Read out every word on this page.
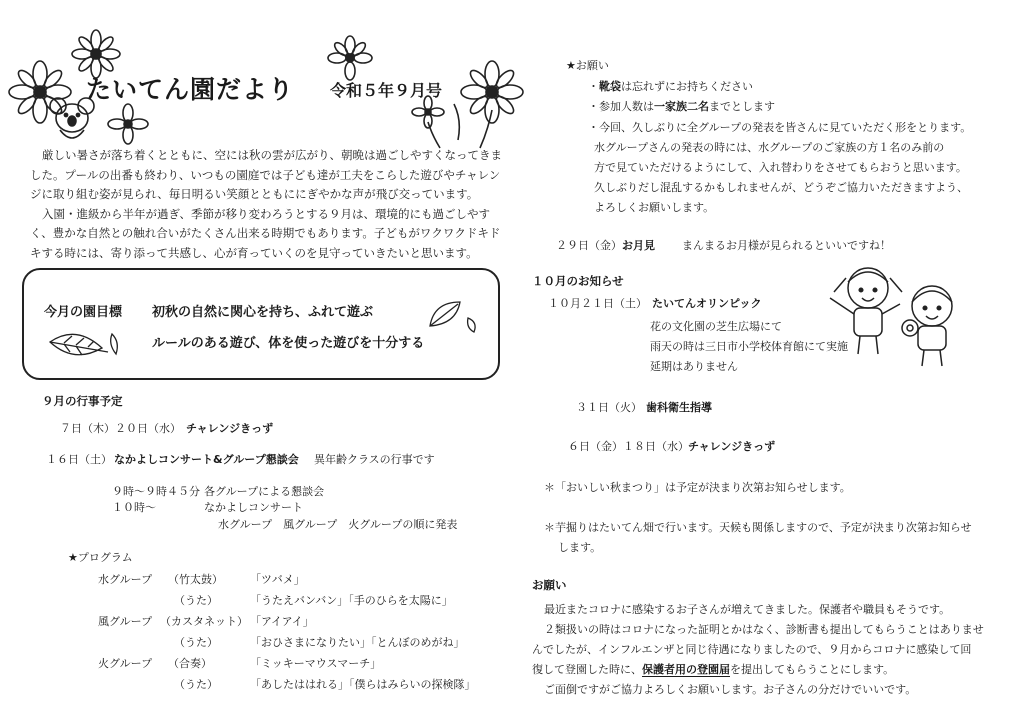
たいてん園だより 令和５年９月号

厳しい暑さが落ち着くとともに、空には秋の雲が広がり、朝晩は過ごしやすくなってきました。プールの出番も終わり、いつもの園庭では子ども達が工夫をこらした遊びやチャレンジに取り組む姿が見られ、毎日明るい笑顔とともににぎやかな声が飛び交っています。

入園・進級から半年が過ぎ、季節が移り変わろうとする９月は、環境的にも過ごしやすく、豊かな自然との触れ合いがたくさん出来る時期でもあります。子どもがワクワクドキドキする時には、寄り添って共感し、心が育っていくのを見守っていきたいと思います。

今月の園目標 初秋の自然に関心を持ち、ふれて遊ぶ
ルールのある遊び、体を使った遊びを十分する
９月の行事予定
７日（木）２０日（水） チャレンジきっず
１６日（土） なかよしコンサート&グループ懇談会 異年齢クラスの行事です
９時～９時４５分 各グループによる懇談会
１０時～	なかよしコンサート
水グループ　風グループ　火グループの順に発表
★プログラム
水グループ （竹太鼓） 「ツバメ」
（うた）	「うたえバンバン」「手のひらを太陽に」
風グループ （カスタネット） 「アイアイ」
（うた）	「おひさまになりたい」「とんぼのめがね」
火グループ （合奏）	「ミッキーマウスマーチ」
（うた）	「あしたははれる」「僕らはみらいの探検隊」
★お願い
・靴袋は忘れずにお持ちください
・参加人数は一家族二名までとします
・今回、久しぶりに全グループの発表を皆さんに見ていただく形をとります。
水グループさんの発表の時には、水グループのご家族の方１名のみ前の
方で見ていただけるようにして、入れ替わりをさせてもらおうと思います。
久しぶりだし混乱するかもしれませんが、どうぞご協力いただきますよう、
よろしくお願いします。
２９日（金） お月見 まんまるお月様が見られるといいですね！
１０月のお知らせ
１０月２１日（土） たいてんオリンピック
花の文化園の芝生広場にて
雨天の時は三日市小学校体育館にて実施
延期はありません
３１日（火） 歯科衛生指導
６日（金）１８日（水） チャレンジきっず
＊「おいしい秋まつり」は予定が決まり次第お知らせします。
＊芋掘りはたいてん畑で行います。天候も関係しますので、予定が決まり次第お知らせ
します。
お願い
最近またコロナに感染するお子さんが増えてきました。保護者や職員もそうです。
２類扱いの時はコロナになった証明とかはなく、診断書も提出してもらうことはありませ
んでしたが、インフルエンザと同じ待遇になりましたので、９月からコロナに感染して回
復して登園した時に、保護者用の登園届を提出してもらうことにします。
ご面倒ですがご協力よろしくお願いします。お子さんの分だけでいいです。
